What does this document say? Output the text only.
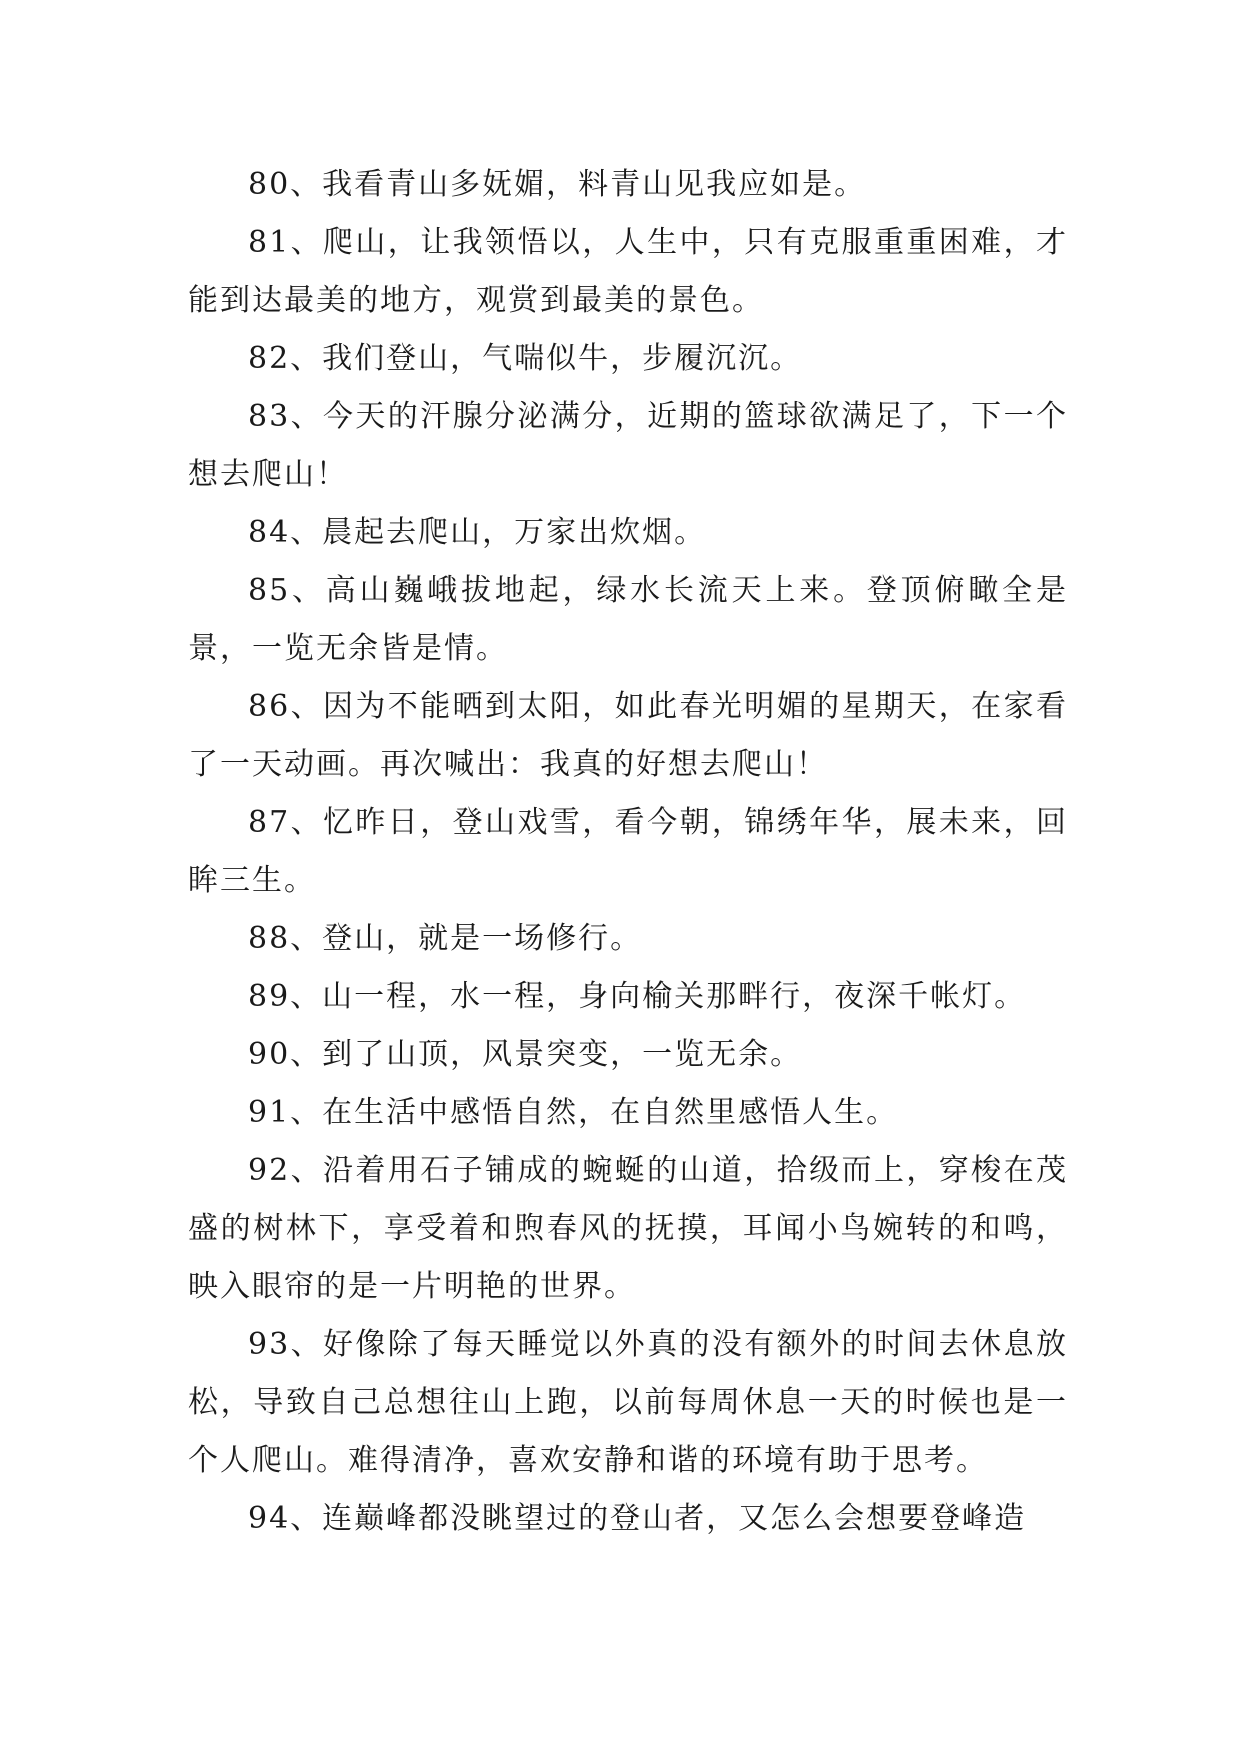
80、我看青山多妩媚，料青山见我应如是。

81、爬山，让我领悟以，人生中，只有克服重重困难，才能到达最美的地方，观赏到最美的景色。

82、我们登山，气喘似牛，步履沉沉。

83、今天的汗腺分泌满分，近期的篮球欲满足了，下一个想去爬山！

84、晨起去爬山，万家出炊烟。

85、高山巍峨拔地起，绿水长流天上来。登顶俯瞰全是景，一览无余皆是情。

86、因为不能晒到太阳，如此春光明媚的星期天，在家看了一天动画。再次喊出：我真的好想去爬山！

87、忆昨日，登山戏雪，看今朝，锦绣年华，展未来，回眸三生。

88、登山，就是一场修行。

89、山一程，水一程，身向榆关那畔行，夜深千帐灯。

90、到了山顶，风景突变，一览无余。

91、在生活中感悟自然，在自然里感悟人生。

92、沿着用石子铺成的蜿蜒的山道，拾级而上，穿梭在茂盛的树林下，享受着和煦春风的抚摸，耳闻小鸟婉转的和鸣，映入眼帘的是一片明艳的世界。

93、好像除了每天睡觉以外真的没有额外的时间去休息放松，导致自己总想往山上跑，以前每周休息一天的时候也是一个人爬山。难得清净，喜欢安静和谐的环境有助于思考。

94、连巅峰都没眺望过的登山者，又怎么会想要登峰造
